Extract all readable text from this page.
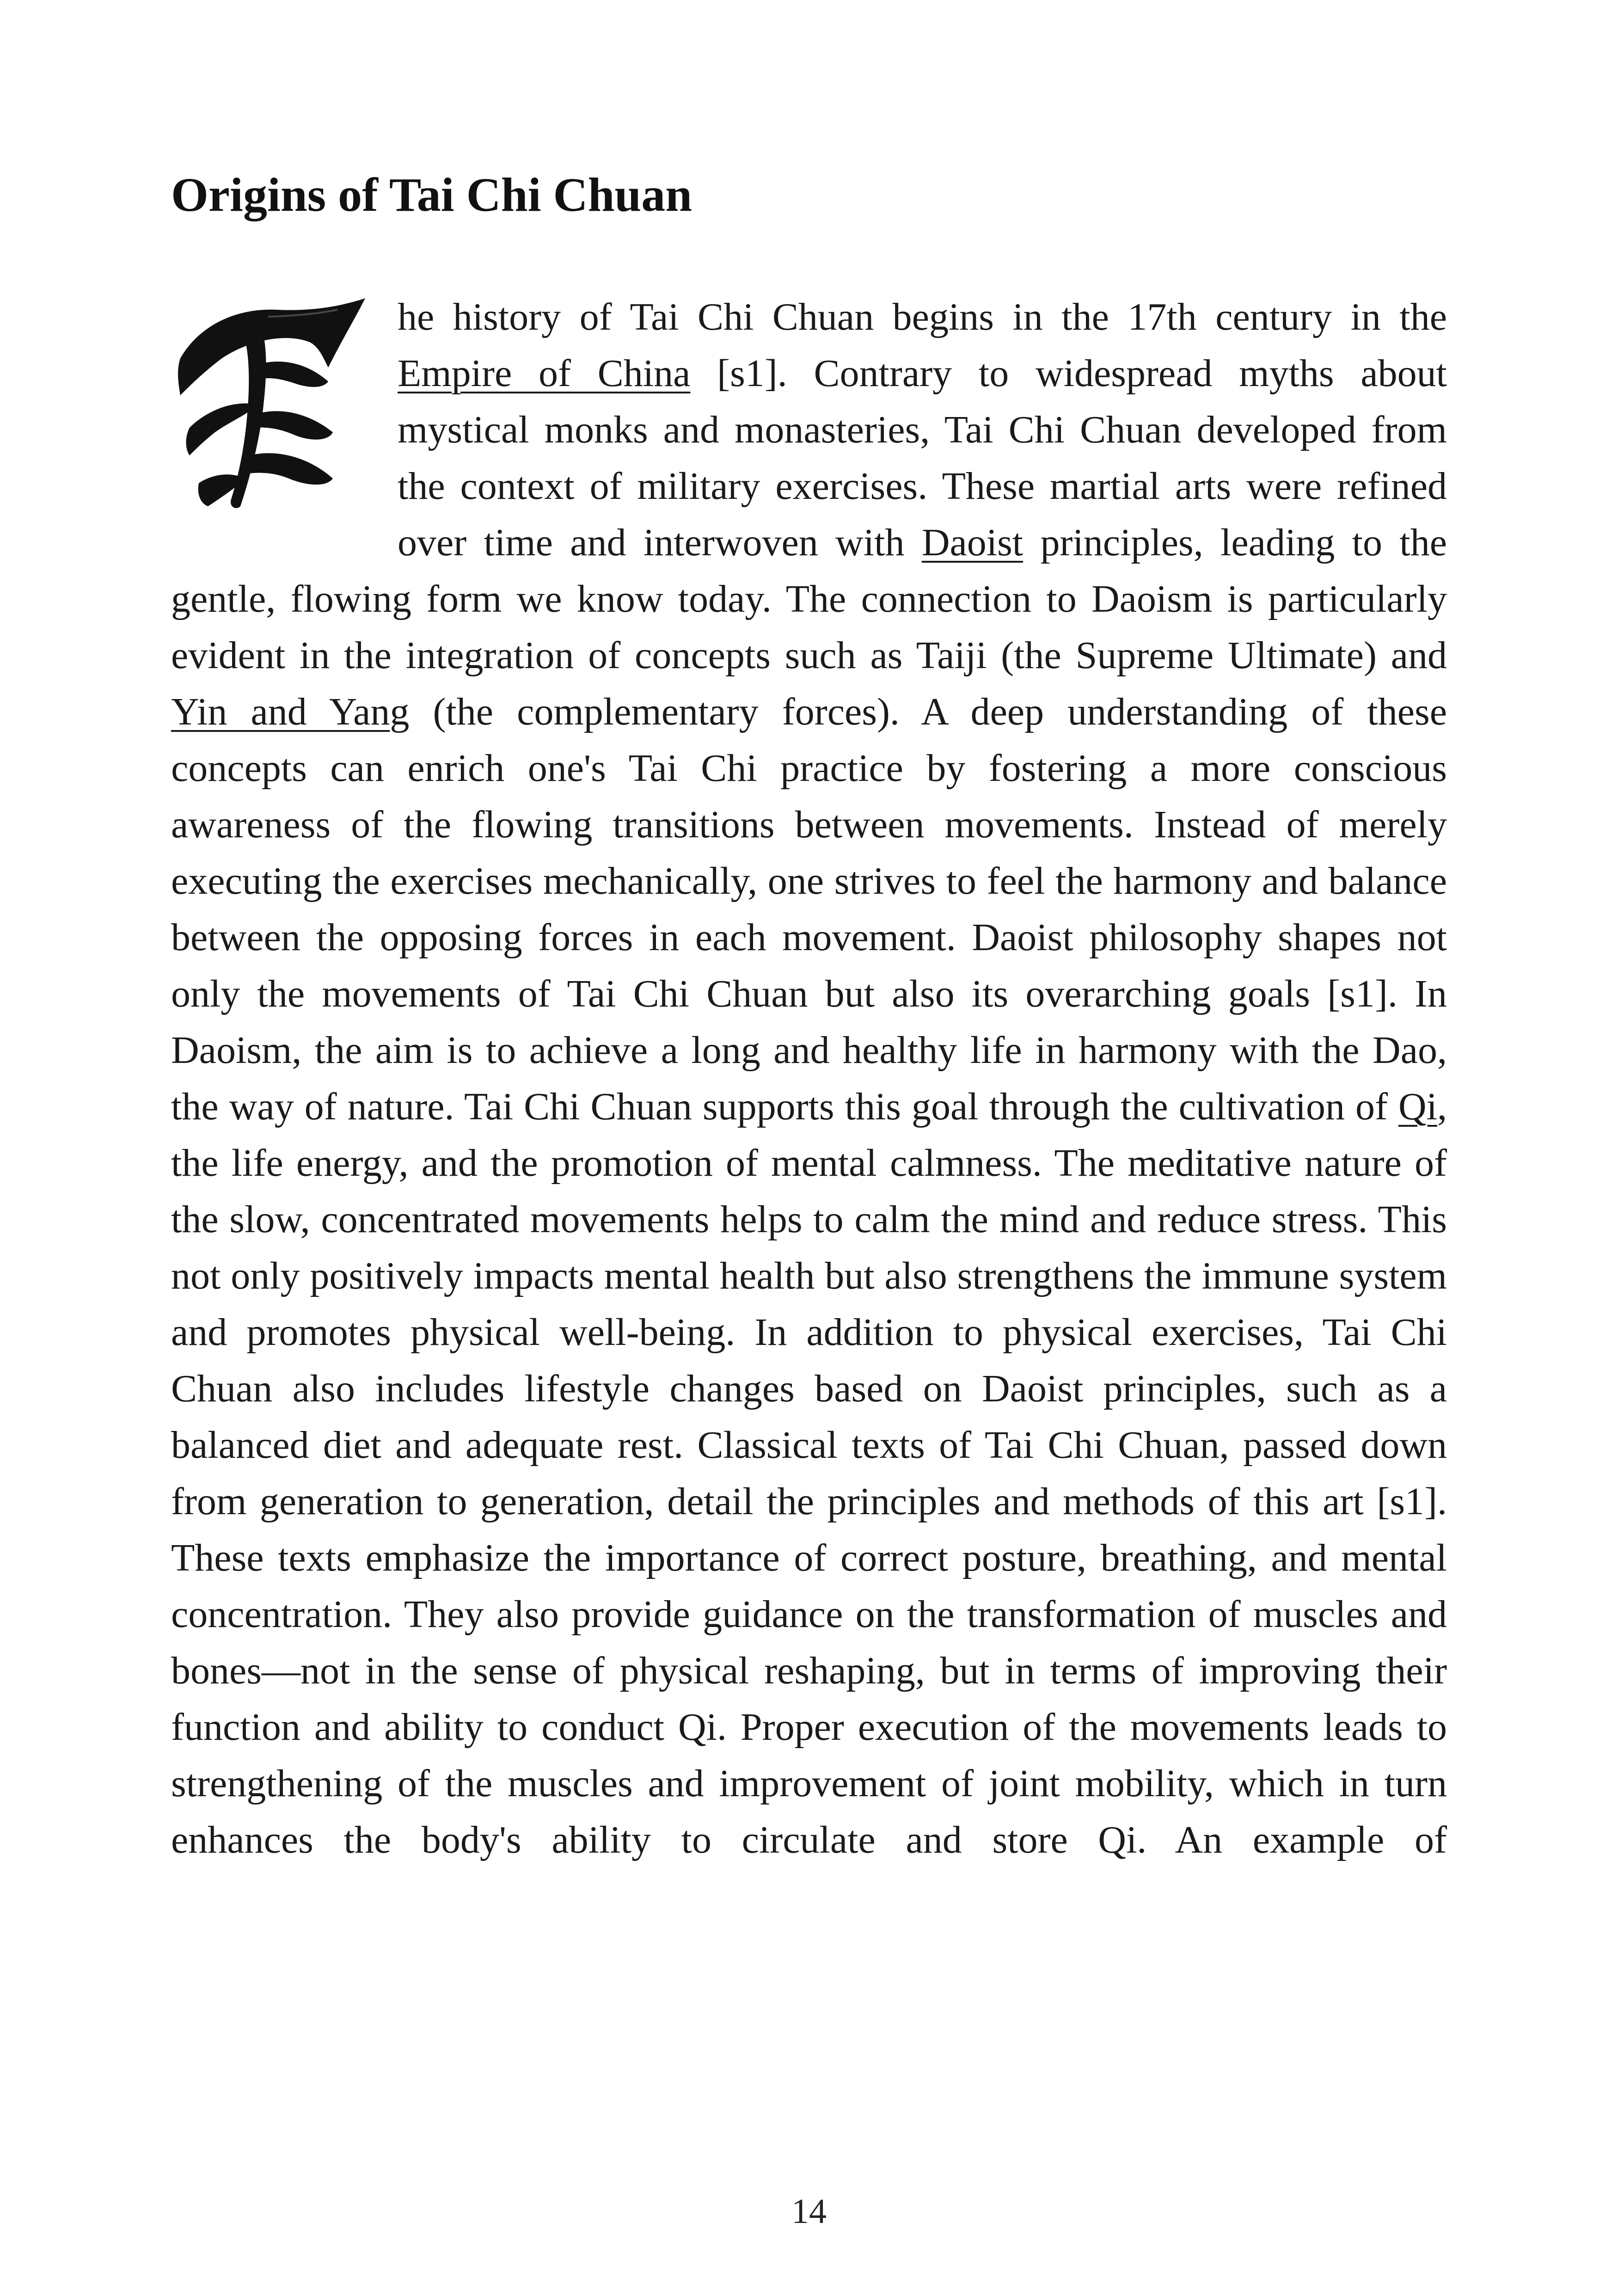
Origins of Tai Chi Chuan

he history of Tai Chi Chuan begins in the 17th century in the Empire of China [s1]. Contrary to widespread myths about mystical monks and monasteries, Tai Chi Chuan developed from the context of military exercises. These martial arts were refined over time and interwoven with Daoist principles, leading to the gentle, flowing form we know today. The connection to Daoism is particularly evident in the integration of concepts such as Taiji (the Supreme Ultimate) and Yin and Yang (the complementary forces). A deep understanding of these concepts can enrich one's Tai Chi practice by fostering a more conscious awareness of the flowing transitions between movements. Instead of merely executing the exercises mechanically, one strives to feel the harmony and balance between the opposing forces in each movement. Daoist philosophy shapes not only the movements of Tai Chi Chuan but also its overarching goals [s1]. In Daoism, the aim is to achieve a long and healthy life in harmony with the Dao, the way of nature. Tai Chi Chuan supports this goal through the cultivation of Qi, the life energy, and the promotion of mental calmness. The meditative nature of the slow, concentrated movements helps to calm the mind and reduce stress. This not only positively impacts mental health but also strengthens the immune system and promotes physical well-being. In addition to physical exercises, Tai Chi Chuan also includes lifestyle changes based on Daoist principles, such as a balanced diet and adequate rest. Classical texts of Tai Chi Chuan, passed down from generation to generation, detail the principles and methods of this art [s1]. These texts emphasize the importance of correct posture, breathing, and mental concentration. They also provide guidance on the transformation of muscles and bones—not in the sense of physical reshaping, but in terms of improving their function and ability to conduct Qi. Proper execution of the movements leads to strengthening of the muscles and improvement of joint mobility, which in turn enhances the body's ability to circulate and store Qi. An example of

14
